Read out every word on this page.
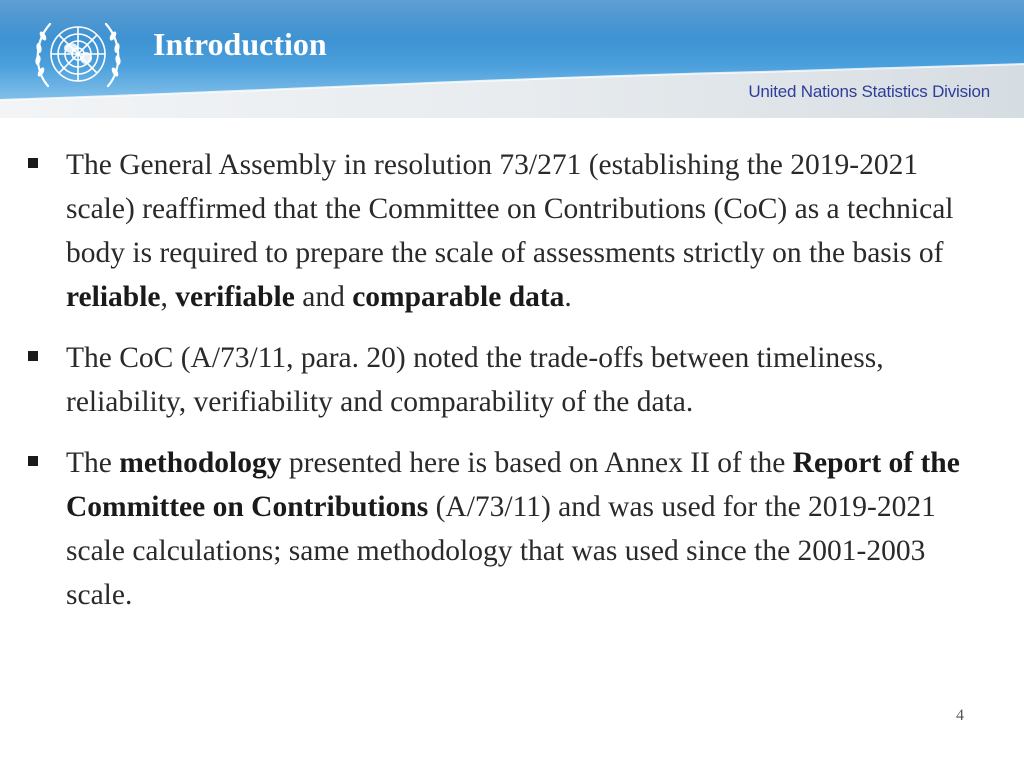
Introduction
United Nations Statistics Division
The General Assembly in resolution 73/271 (establishing the 2019-2021 scale) reaffirmed that the Committee on Contributions (CoC) as a technical body is required to prepare the scale of assessments strictly on the basis of reliable, verifiable and comparable data.
The CoC (A/73/11, para. 20) noted the trade-offs between timeliness, reliability, verifiability and comparability of the data.
The methodology presented here is based on Annex II of the Report of the Committee on Contributions (A/73/11) and was used for the 2019-2021 scale calculations; same methodology that was used since the 2001-2003 scale.
4
